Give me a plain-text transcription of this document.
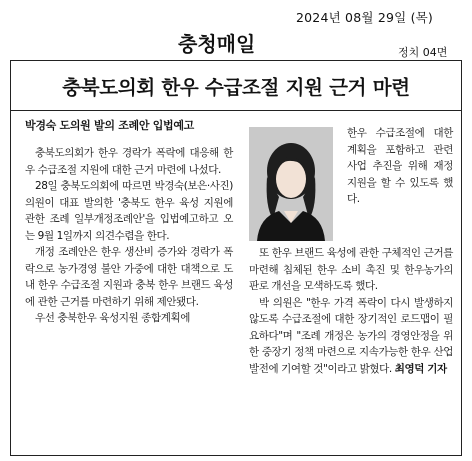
2024년 08월 29일 (목)
충청매일	정치 04면
충북도의회 한우 수급조절 지원 근거 마련
박경숙 도의원 발의 조례안 입법예고

충북도의회가 한우 경락가 폭락에 대응해 한우 수급조절 지원에 대한 근거 마련에 나섰다.

28일 충북도의회에 따르면 박경숙(보은·사진) 의원이 대표 발의한 '충북도 한우 육성 지원에 관한 조례 일부개정조례안'을 입법예고하고 오는 9월 1일까지 의견수렴을 한다.

개정 조례안은 한우 생산비 증가와 경락가 폭락으로 농가경영 불안 가중에 대한 대책으로 도내 한우 수급조절 지원과 충북 한우 브랜드 육성에 관한 근거를 마련하기 위해 제안됐다.

우선 충북한우 육성지원 종합계획에

한우 수급조절에 대한 계획을 포함하고 관련 사업 추진을 위해 재정 지원을 할 수 있도록 했다.

또 한우 브랜드 육성에 관한 구체적인 근거를 마련해 침체된 한우 소비 촉진 및 한우농가의 판로 개선을 모색하도록 했다.

박 의원은 "한우 가격 폭락이 다시 발생하지 않도록 수급조절에 대한 장기적인 로드맵이 필요하다"며 "조례 개정은 농가의 경영안정을 위한 중장기 정책 마련으로 지속가능한 한우 산업 발전에 기여할 것"이라고 밝혔다. 최영덕 기자
